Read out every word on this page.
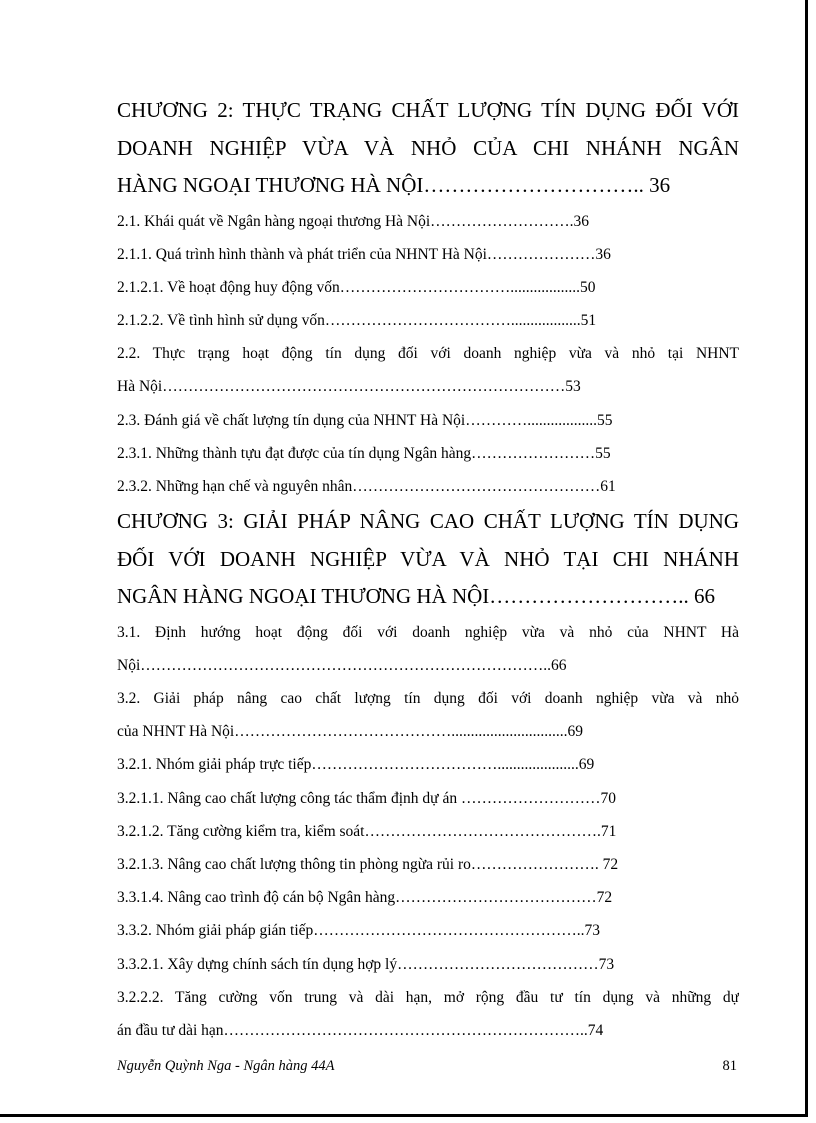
CHƯƠNG 2: THỰC TRẠNG CHẤT LƯỢNG TÍN DỤNG ĐỐI VỚI
DOANH NGHIỆP VỪA VÀ NHỎ CỦA CHI NHÁNH NGÂN
HÀNG NGOẠI THƯƠNG HÀ NỘI………………………….. 36
2.1. Khái quát về Ngân hàng ngoại thương Hà Nội……………………….36
2.1.1. Quá trình hình thành và phát triển của NHNT Hà Nội…………………36
2.1.2.1. Về hoạt động huy động vốn……………………………..................50
2.1.2.2. Về tình hình sử dụng vốn………………………………..................51
2.2. Thực trạng hoạt động tín dụng đối với doanh nghiệp vừa và nhỏ tại NHNT
Hà Nội……………………………………………………………………53
2.3. Đánh giá về chất lượng tín dụng của NHNT Hà Nội…………..................55
2.3.1. Những thành tựu đạt được của tín dụng Ngân hàng……………………55
2.3.2. Những hạn chế và nguyên nhân…………………………………………61
CHƯƠNG 3: GIẢI PHÁP NÂNG CAO CHẤT LƯỢNG TÍN DỤNG
ĐỐI VỚI DOANH NGHIỆP VỪA VÀ NHỎ TẠI CHI NHÁNH
NGÂN HÀNG NGOẠI THƯƠNG HÀ NỘI……………………….. 66
3.1. Định hướng hoạt động đối với doanh nghiệp vừa và nhỏ của NHNT Hà
Nội……………………………………………………………………..66
3.2. Giải pháp nâng cao chất lượng tín dụng đối với doanh nghiệp vừa và nhỏ
của NHNT Hà Nội……………………………………..............................69
3.2.1. Nhóm giải pháp trực tiếp……………………………….....................69
3.2.1.1. Nâng cao chất lượng công tác thẩm định dự án ………………………70
3.2.1.2. Tăng cường kiểm tra, kiểm soát……………………………………….71
3.2.1.3. Nâng cao chất lượng thông tin phòng ngừa rủi ro……………………. 72
3.3.1.4. Nâng cao trình độ cán bộ Ngân hàng…………………………………72
3.3.2. Nhóm giải pháp gián tiếp……………………………………………..73
3.3.2.1. Xây dựng chính sách tín dụng hợp lý…………………………………73
3.2.2.2. Tăng cường vốn trung và dài hạn, mở rộng đầu tư tín dụng và những dự
án đầu tư dài hạn……………………………………………………………..74
Nguyễn Quỳnh Nga - Ngân hàng 44A	81
